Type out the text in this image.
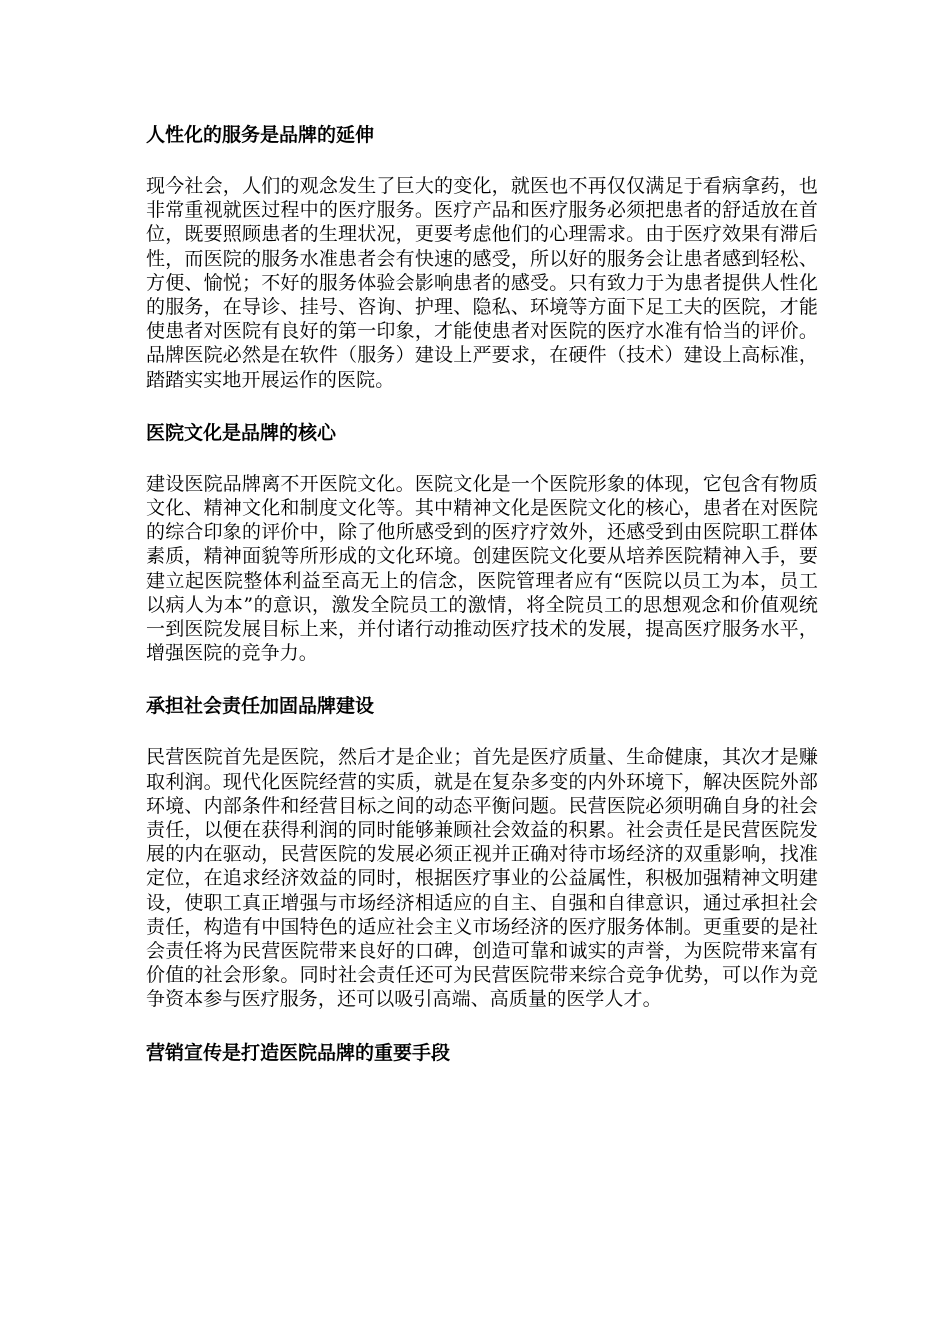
人性化的服务是品牌的延伸

现今社会，人们的观念发生了巨大的变化，就医也不再仅仅满足于看病拿药，也非常重视就医过程中的医疗服务。医疗产品和医疗服务必须把患者的舒适放在首位，既要照顾患者的生理状况，更要考虑他们的心理需求。由于医疗效果有滞后性，而医院的服务水准患者会有快速的感受，所以好的服务会让患者感到轻松、方便、愉悦；不好的服务体验会影响患者的感受。只有致力于为患者提供人性化的服务，在导诊、挂号、咨询、护理、隐私、环境等方面下足工夫的医院，才能使患者对医院有良好的第一印象，才能使患者对医院的医疗水准有恰当的评价。品牌医院必然是在软件（服务）建设上严要求，在硬件（技术）建设上高标准，踏踏实实地开展运作的医院。

医院文化是品牌的核心

建设医院品牌离不开医院文化。医院文化是一个医院形象的体现，它包含有物质文化、精神文化和制度文化等。其中精神文化是医院文化的核心，患者在对医院的综合印象的评价中，除了他所感受到的医疗疗效外，还感受到由医院职工群体素质，精神面貌等所形成的文化环境。创建医院文化要从培养医院精神入手，要建立起医院整体利益至高无上的信念，医院管理者应有“医院以员工为本，员工以病人为本”的意识，激发全院员工的激情，将全院员工的思想观念和价值观统一到医院发展目标上来，并付诸行动推动医疗技术的发展，提高医疗服务水平，增强医院的竞争力。

承担社会责任加固品牌建设

民营医院首先是医院，然后才是企业；首先是医疗质量、生命健康，其次才是赚取利润。现代化医院经营的实质，就是在复杂多变的内外环境下，解决医院外部环境、内部条件和经营目标之间的动态平衡问题。民营医院必须明确自身的社会责任，以便在获得利润的同时能够兼顾社会效益的积累。社会责任是民营医院发展的内在驱动，民营医院的发展必须正视并正确对待市场经济的双重影响，找准定位，在追求经济效益的同时，根据医疗事业的公益属性，积极加强精神文明建设，使职工真正增强与市场经济相适应的自主、自强和自律意识，通过承担社会责任，构造有中国特色的适应社会主义市场经济的医疗服务体制。更重要的是社会责任将为民营医院带来良好的口碑，创造可靠和诚实的声誉，为医院带来富有价值的社会形象。同时社会责任还可为民营医院带来综合竞争优势，可以作为竞争资本参与医疗服务，还可以吸引高端、高质量的医学人才。

营销宣传是打造医院品牌的重要手段
